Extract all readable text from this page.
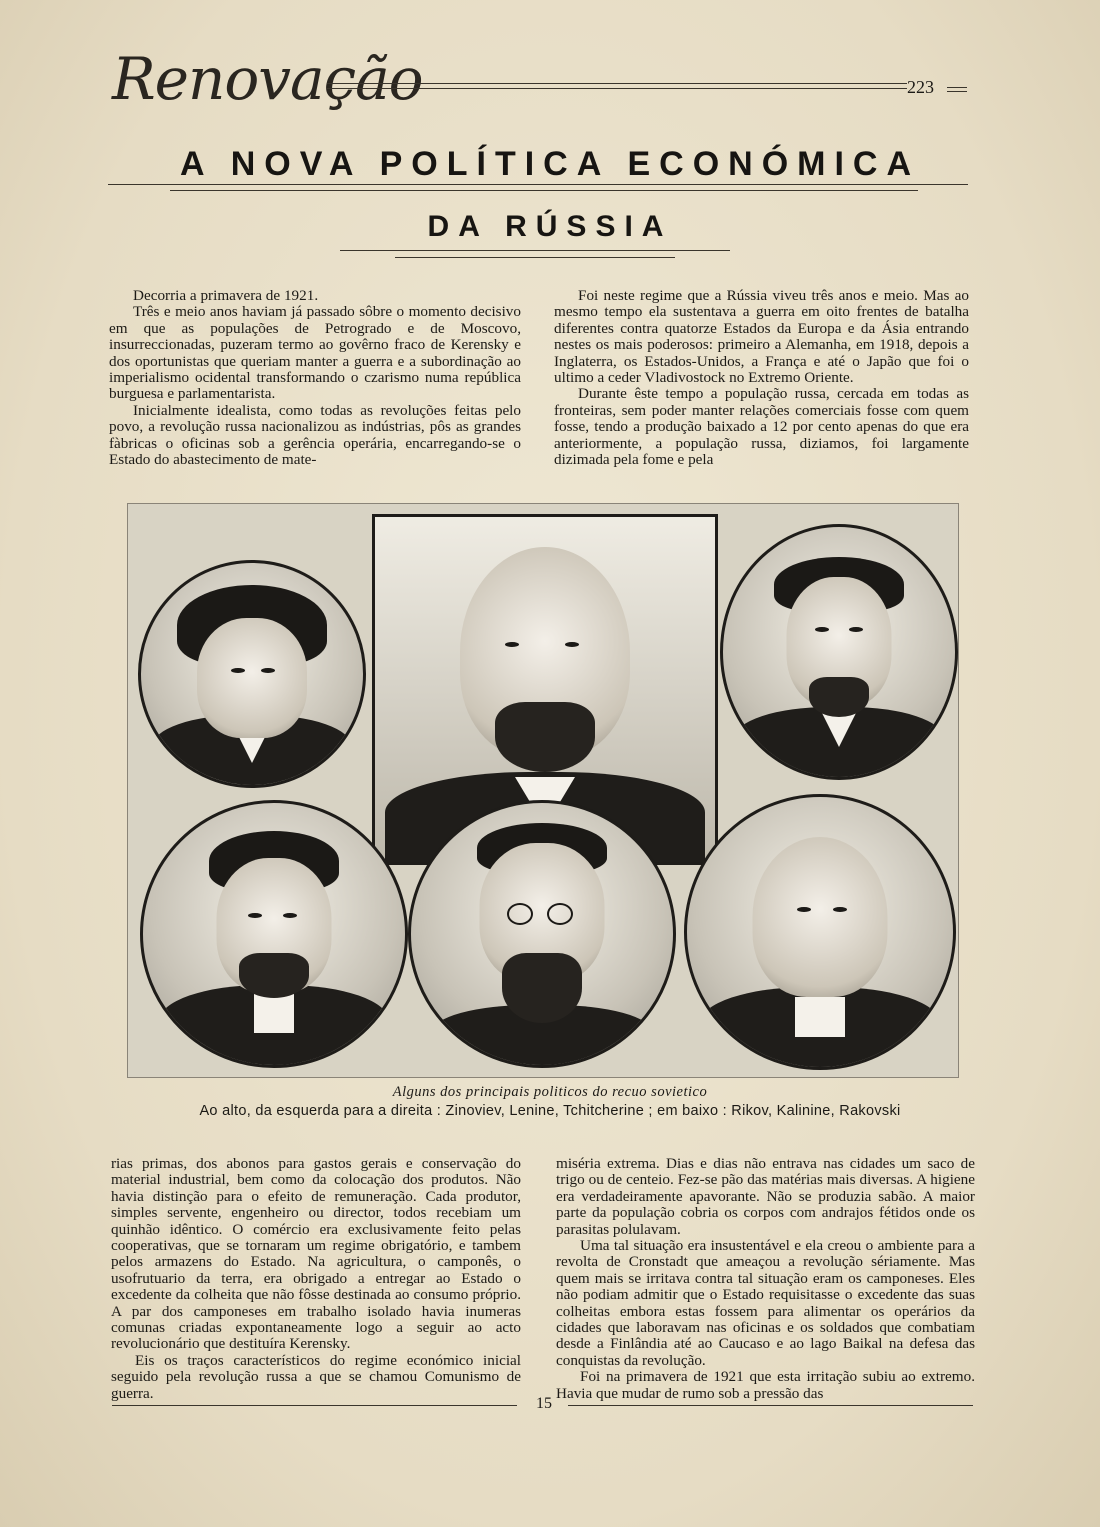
Renovação	223
A NOVA POLÍTICA ECONÓMICA
DA RÚSSIA

Decorria a primavera de 1921.

Três e meio anos haviam já passado sôbre o momento decisivo em que as populações de Petrogrado e de Moscovo, insurreccionadas, puzeram termo ao govêrno fraco de Kerensky e dos oportunistas que queriam manter a guerra e a subordinação ao imperialismo ocidental transformando o czarismo numa república burguesa e parlamentarista.

Inicialmente idealista, como todas as revoluções feitas pelo povo, a revolução russa nacionalizou as indústrias, pôs as grandes fàbricas o oficinas sob a gerência operária, encarregando-se o Estado do abastecimento de mate-

Foi neste regime que a Rússia viveu três anos e meio. Mas ao mesmo tempo ela sustentava a guerra em oito frentes de batalha diferentes contra quatorze Estados da Europa e da Ásia entrando nestes os mais poderosos: primeiro a Alemanha, em 1918, depois a Inglaterra, os Estados-Unidos, a França e até o Japão que foi o ultimo a ceder Vladivostock no Extremo Oriente.

Durante êste tempo a população russa, cercada em todas as fronteiras, sem poder manter relações comerciais fosse com quem fosse, tendo a produção baixado a 12 por cento apenas do que era anteriormente, a população russa, diziamos, foi largamente dizimada pela fome e pela

Alguns dos principais politicos do recuo sovietico
Ao alto, da esquerda para a direita : Zinoviev, Lenine, Tchitcherine ; em baixo : Rikov, Kalinine, Rakovski

rias primas, dos abonos para gastos gerais e conservação do material industrial, bem como da colocação dos produtos. Não havia distinção para o efeito de remuneração. Cada produtor, simples servente, engenheiro ou director, todos recebiam um quinhão idêntico. O comércio era exclusivamente feito pelas cooperativas, que se tornaram um regime obrigatório, e tambem pelos armazens do Estado. Na agricultura, o camponês, o usofrutuario da terra, era obrigado a entregar ao Estado o excedente da colheita que não fôsse destinada ao consumo próprio. A par dos camponeses em trabalho isolado havia inumeras comunas criadas expontaneamente logo a seguir ao acto revolucionário que destituíra Kerensky.

Eis os traços característicos do regime económico inicial seguido pela revolução russa a que se chamou Comunismo de guerra.

miséria extrema. Dias e dias não entrava nas cidades um saco de trigo ou de centeio. Fez-se pão das matérias mais diversas. A higiene era verdadeiramente apavorante. Não se produzia sabão. A maior parte da população cobria os corpos com andrajos fétidos onde os parasitas polulavam.

Uma tal situação era insustentável e ela creou o ambiente para a revolta de Cronstadt que ameaçou a revolução sériamente. Mas quem mais se irritava contra tal situação eram os camponeses. Eles não podiam admitir que o Estado requisitasse o excedente das suas colheitas embora estas fossem para alimentar os operários da cidades que laboravam nas oficinas e os soldados que combatiam desde a Finlândia até ao Caucaso e ao lago Baikal na defesa das conquistas da revolução.

Foi na primavera de 1921 que esta irritação subiu ao extremo. Havia que mudar de rumo sob a pressão das

15
